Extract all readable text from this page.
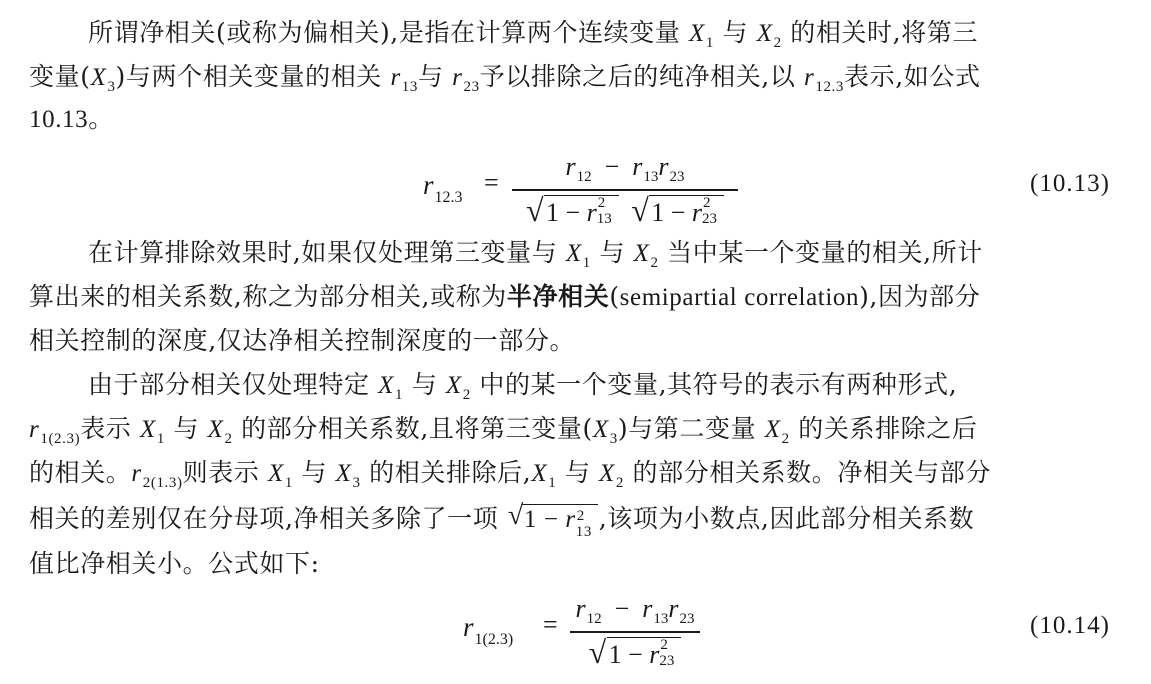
所谓净相关(或称为偏相关),是指在计算两个连续变量 $X_1$ 与 $X_2$ 的相关时,将第三
变量$(X_3)$与两个相关变量的相关 $r_{13}$与 $r_{23}$予以排除之后的纯净相关,以 $r_{12.3}$表示,如公式
10.13。
$r_{12.3}$
=
$r_{12} - r_{13}r_{23}$
√ 1 − r 2
13
√ 1 − r 2
23
(10.13)
在计算排除效果时,如果仅处理第三变量与 $X_1$ 与 $X_2$ 当中某一个变量的相关,所计
算出来的相关系数,称之为部分相关,或称为半净相关(semipartial correlation),因为部分
相关控制的深度,仅达净相关控制深度的一部分。
由于部分相关仅处理特定 $X_1$ 与 $X_2$ 中的某一个变量,其符号的表示有两种形式,
$r_{1(2.3)}$表示 $X_1$ 与 $X_2$ 的部分相关系数,且将第三变量$(X_3)$与第二变量 $X_2$ 的关系排除之后
的相关。$r_{2(1.3)}$则表示 $X_1$ 与 $X_3$ 的相关排除后$,X_1$ 与 $X_2$ 的部分相关系数。净相关与部分
相关的差别仅在分母项,净相关多除了一项 √ 1 − r 2
13 ,该项为小数点,因此部分相关系数
值比净相关小。公式如下:
$r_{1(2.3)}$
=
$r_{12} - r_{13}r_{23}$
√ 1 − r 2
23
(10.14)
